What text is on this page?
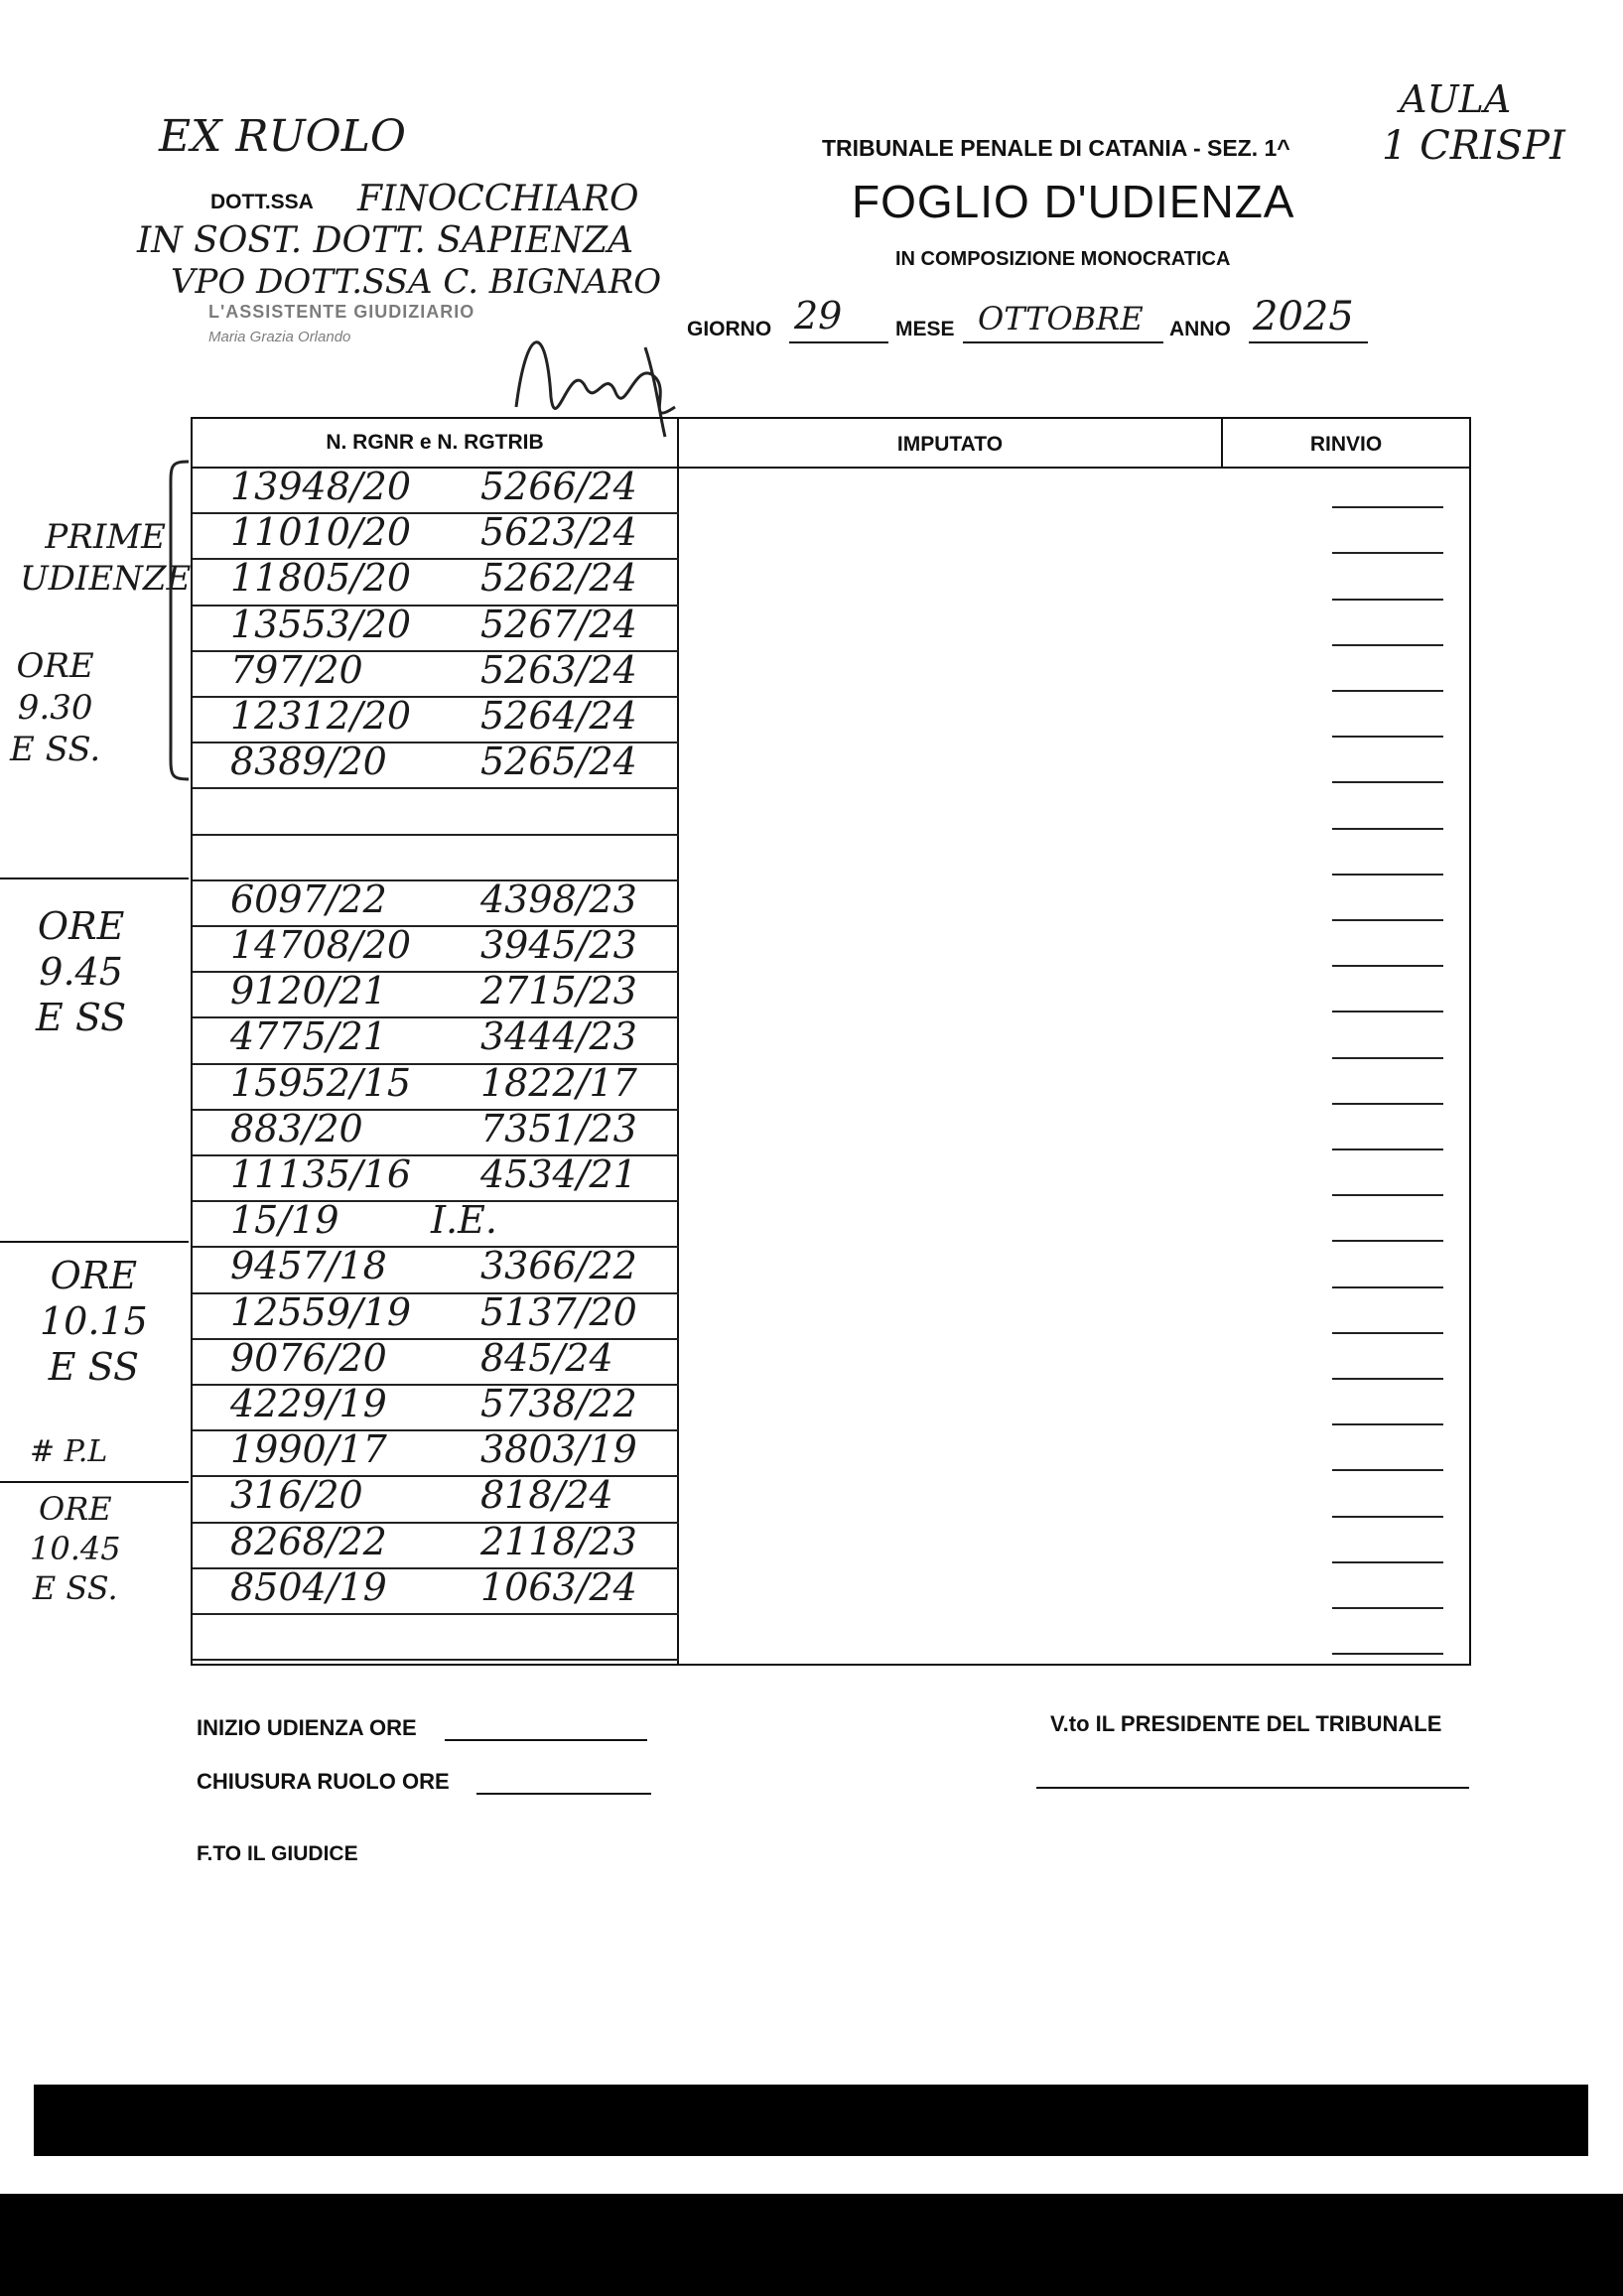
EX RUOLO
AULA
1 CRISPI
TRIBUNALE PENALE DI CATANIA - SEZ. 1^
FOGLIO D'UDIENZA
IN COMPOSIZIONE MONOCRATICA
DOTT.SSA FINOCCHIARO
IN SOST. DOTT. SAPIENZA
VPO DOTT.SSA C. BIGNARO
L'ASSISTENTE GIUDIZIARIO
Maria Grazia Orlando	GIORNO 29	MESE OTTOBRE ANNO 2025
N. RGNR e N. RGTRIB	IMPUTATO	RINVIO
13948/20 5266/24
11010/20 5623/24
11805/20 5262/24
13553/20 5267/24
797/20	5263/24
12312/20 5264/24
8389/20 5265/24
6097/22 4398/23
14708/20 3945/23
9120/21 2715/23
4775/21 3444/23
15952/15 1822/17
883/20	7351/23
11135/16 4534/21
15/19 I.E.
9457/18 3366/22
12559/19 5137/20
9076/20 845/24
4229/19 5738/22
1990/17 3803/19
316/20	818/24
8268/22 2118/23
8504/19 1063/24
PRIME
UDIENZE
ORE
9.30
E SS.
ORE
9.45
E SS
ORE
10.15
E SS
# P.L
ORE
10.45
E SS.
INIZIO UDIENZA ORE
CHIUSURA RUOLO ORE
V.to IL PRESIDENTE DEL TRIBUNALE
F.TO IL GIUDICE
